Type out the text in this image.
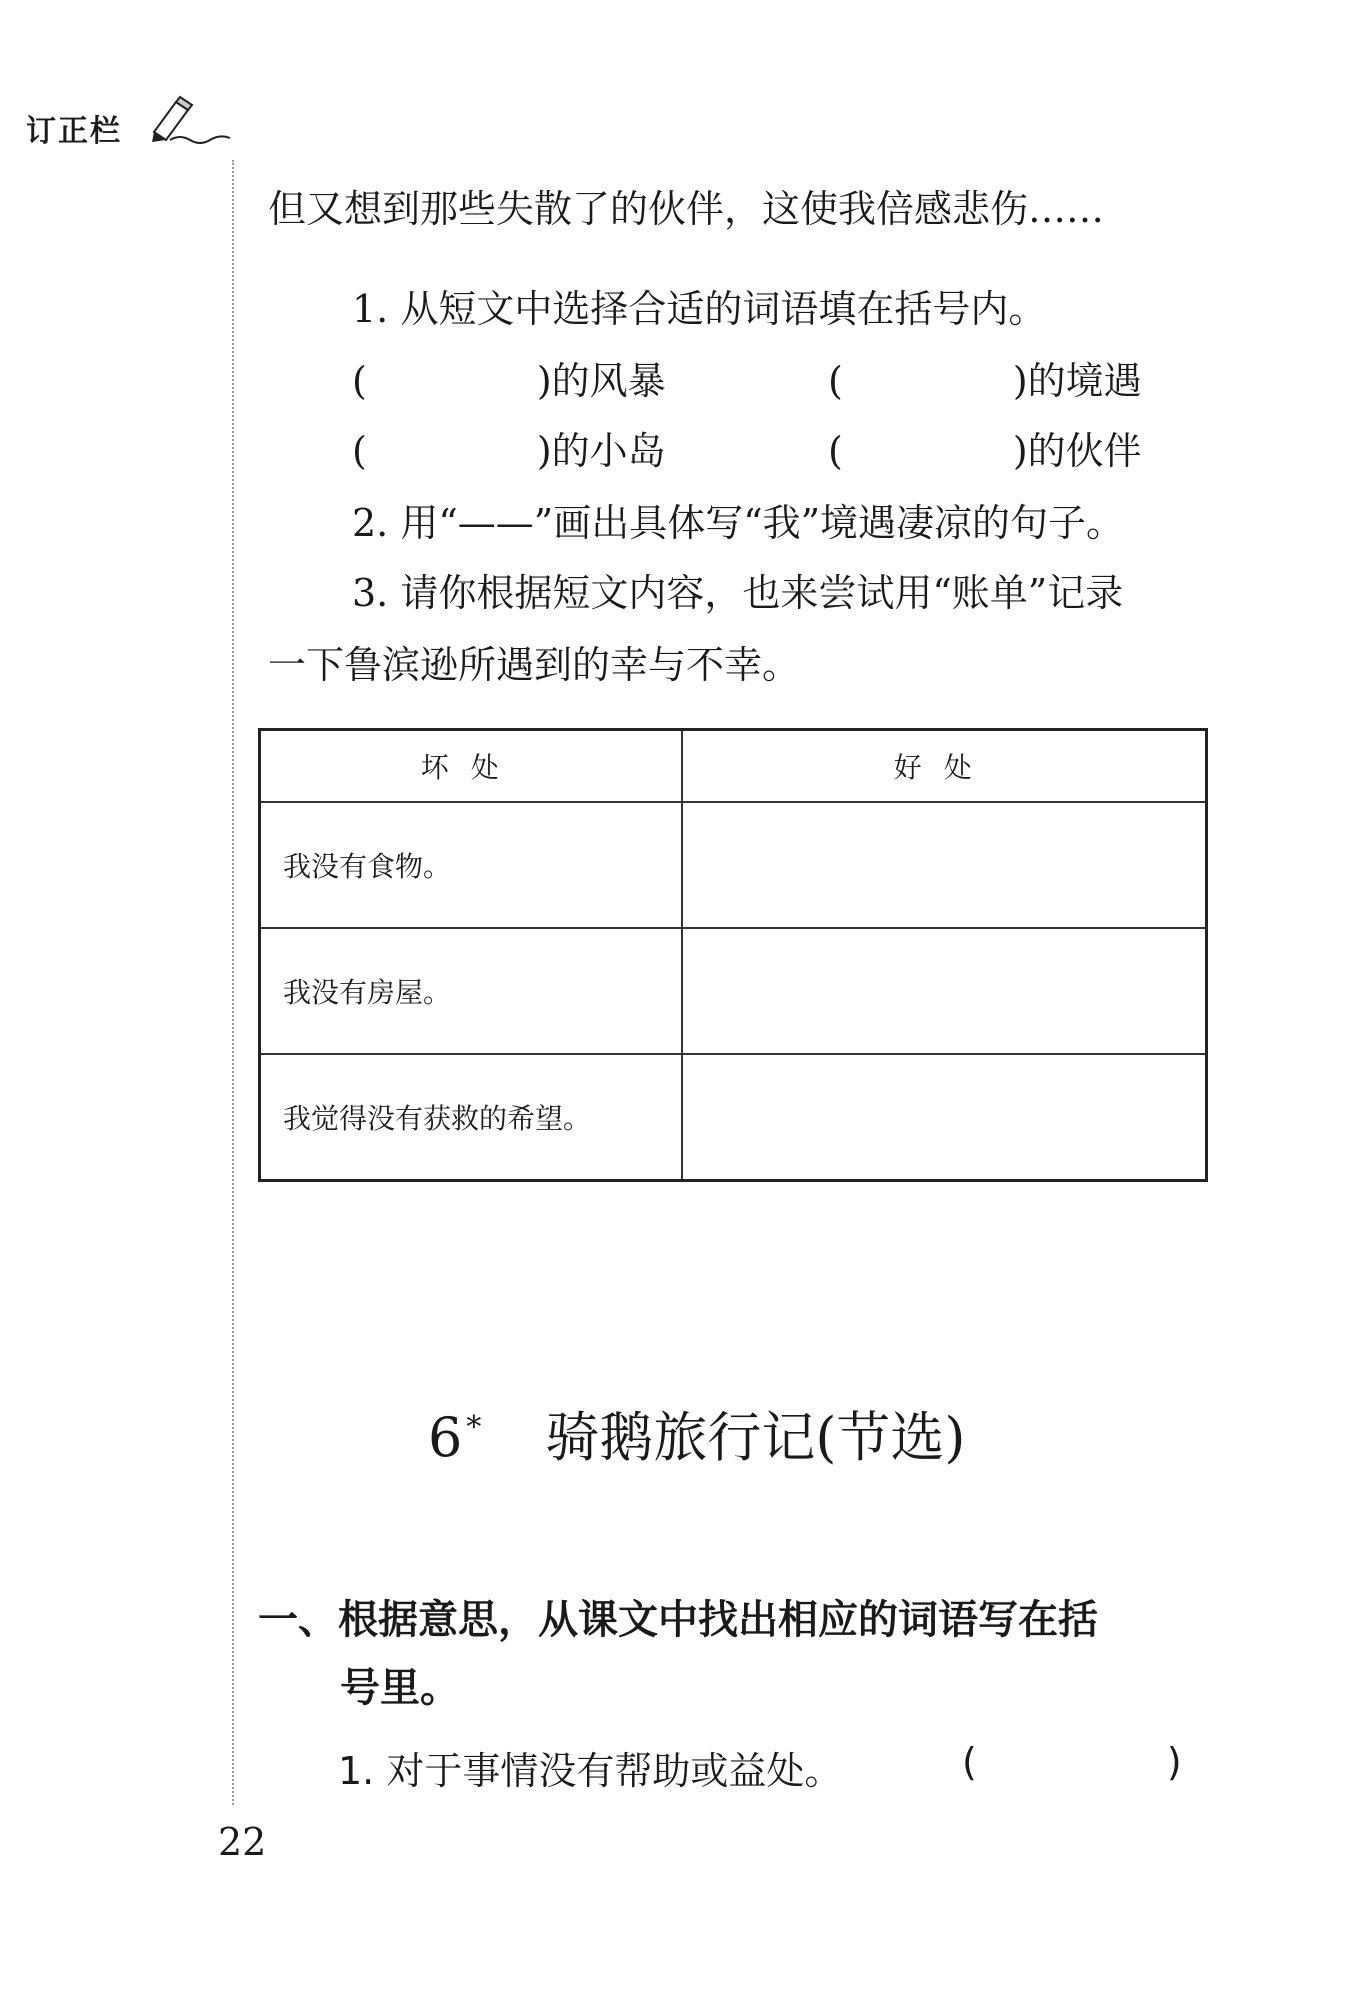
订正栏
但又想到那些失散了的伙伴，这使我倍感悲伤……
1. 从短文中选择合适的词语填在括号内。
(	)的风暴	(	)的境遇
(	)的小岛	(	)的伙伴
2. 用“——”画出具体写“我”境遇凄凉的句子。
3. 请你根据短文内容，也来尝试用“账单”记录
一下鲁滨逊所遇到的幸与不幸。
坏处	好处
我没有食物。	
我没有房屋。	
我觉得没有获救的希望。	
6 * 骑鹅旅行记(节选)
一、根据意思，从课文中找出相应的词语写在括
号里。
1. 对于事情没有帮助或益处。	(	)
22
